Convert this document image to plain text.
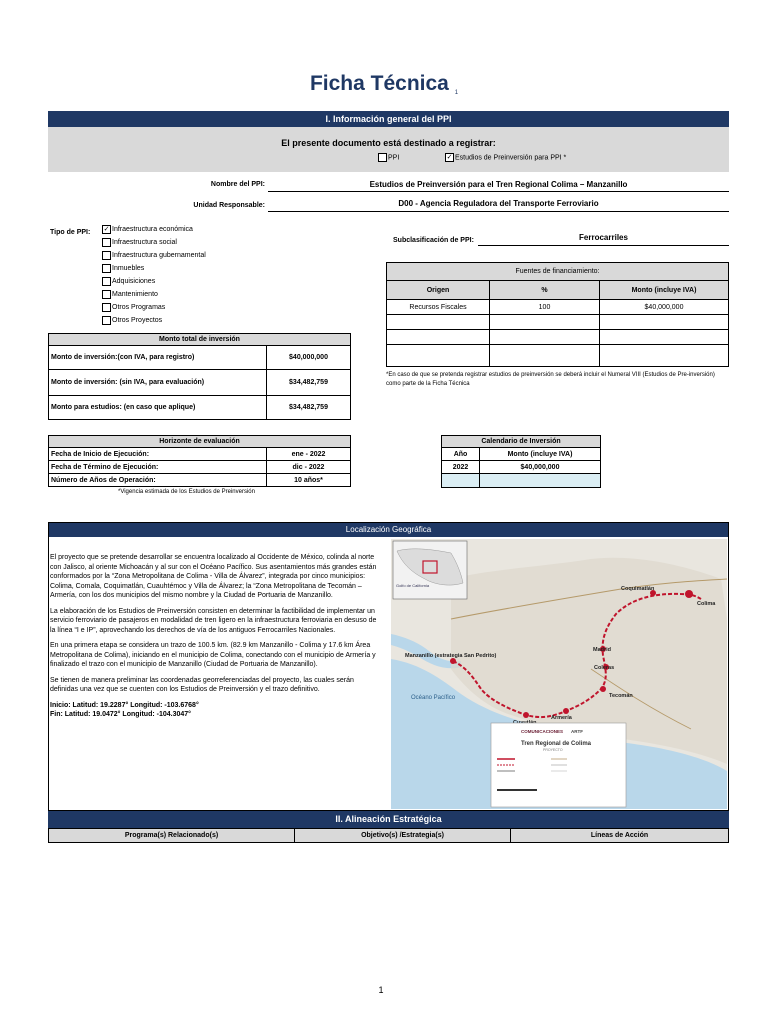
Ficha Técnica 1
I. Información general del PPI
El presente documento está destinado a registrar:
PPI	✓ Estudios de Preinversión para PPI *
Nombre del PPI:	Estudios de Preinversión para el Tren Regional Colima – Manzanillo
Unidad Responsable:	D00 - Agencia Reguladora del Transporte Ferroviario
Tipo de PPI: ✓ Infraestructura económica
Infraestructura social
Infraestructura gubernamental
Inmuebles
Adquisiciones
Mantenimiento
Otros Programas
Otros Proyectos
Subclasificación de PPI:	Ferrocarriles
Fuentes de financiamiento:		
Origen	%	Monto (incluye IVA)
Recursos Fiscales	100	$40,000,000

*En caso de que se pretenda registrar estudios de preinversión se deberá incluir el Numeral VIII (Estudios de Pre-inversión) como parte de la Ficha Técnica
Monto total de inversión	
Monto de inversión:(con IVA, para registro)	$40,000,000
Monto de inversión: (sin IVA, para evaluación)	$34,482,759
Monto para estudios: (en caso que aplique)	$34,482,759
Horizonte de evaluación	
Fecha de Inicio de Ejecución:	ene - 2022
Fecha de Término de Ejecución:	dic - 2022
Número de Años de Operación:	10 años*
*Vigencia estimada de los Estudios de Preinversión
Calendario de Inversión	
Año	Monto (incluye IVA)
2022	$40,000,000

Localización Geográfica

El proyecto que se pretende desarrollar se encuentra localizado al Occidente de México, colinda al norte con Jalisco, al oriente Michoacán y al sur con el Océano Pacífico. Sus asentamientos más grandes están conformados por la “Zona Metropolitana de Colima - Villa de Álvarez”, integrada por cinco municipios: Colima, Comala, Coquimatlán, Cuauhtémoc y Villa de Álvarez; la “Zona Metropolitana de Tecomán – Armería, con los dos municipios del mismo nombre y la Ciudad de Portuaria de Manzanillo.

La elaboración de los Estudios de Preinversión consisten en determinar la factibilidad de implementar un servicio ferroviario de pasajeros en modalidad de tren ligero en la infraestructura ferroviaria en desuso de la línea “I e IP”, aprovechando los derechos de vía de los antiguos Ferrocarriles Nacionales.

En una primera etapa se considera un trazo de 100.5 km. (82.9 km Manzanillo - Colima y 17.6 km Área Metropolitana de Colima), iniciando en el municipio de Colima, conectando con el municipio de Armería y finalizado el trazo con el municipio de Manzanillo (Ciudad de Portuaria de Manzanillo).

Se tienen de manera preliminar las coordenadas georreferenciadas del proyecto, las cuales serán definidas una vez que se cuenten con los Estudios de Preinversión y el trazo definitivo.

Inicio: Latitud: 19.2287° Longitud: -103.6768°
Fin: Latitud: 19.0472° Longitud: -104.3047°
Golfo de California
Colima
Coquimatlán
Madrid
Coleras
Tecomán
Armería
Manzanillo (estrategia San Pedrito)
Océano Pacífico
COMUNICACIONES ARTF
Tren Regional de Colima
PROYECTO
II. Alineación Estratégica
Programa(s) Relacionado(s)	Objetivo(s) /Estrategia(s)	Líneas de Acción
1
